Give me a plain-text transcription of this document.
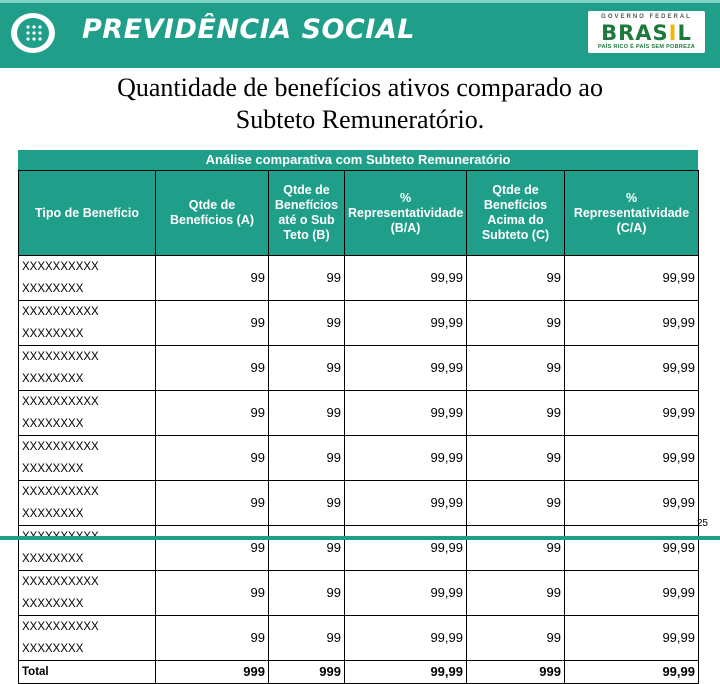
PREVIDÊNCIA SOCIAL	GOVERNO FEDERAL
BRASIL
PAÍS RICO É PAÍS SEM POBREZA
Quantidade de benefícios ativos comparado ao
Subteto Remuneratório.
Análise comparativa com Subteto Remuneratório
Tipo de Benefício	Qtde de Benefícios (A)	Qtde de Benefícios até o Sub Teto (B)	% Representatividade (B/A)	Qtde de Benefícios Acima do Subteto (C)	% Representatividade (C/A)
XXXXXXXXXX XXXXXXXX	99	99	99,99	99	99,99
XXXXXXXXXX XXXXXXXX	99	99	99,99	99	99,99
XXXXXXXXXX XXXXXXXX	99	99	99,99	99	99,99
XXXXXXXXXX XXXXXXXX	99	99	99,99	99	99,99
XXXXXXXXXX XXXXXXXX	99	99	99,99	99	99,99
XXXXXXXXXX XXXXXXXX	99	99	99,99	99	99,99
XXXXXXXX	99	99	99,99	99	99,99
XXXXXXXXXX XXXXXXXX	99	99	99,99	99	99,99
XXXXXXXXXX XXXXXXXX	99	99	99,99	99	99,99
Total	999	999	99,99	999	99,99
25
